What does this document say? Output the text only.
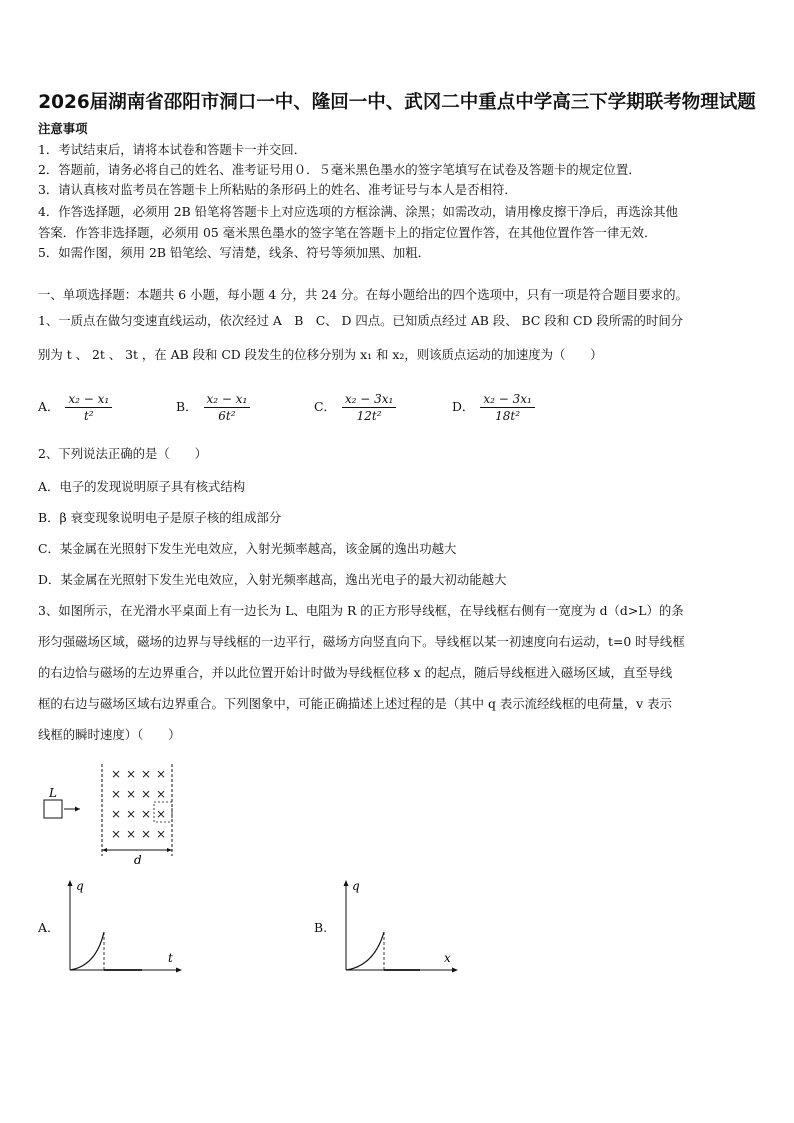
2026届湖南省邵阳市洞口一中、隆回一中、武冈二中重点中学高三下学期联考物理试题
注意事项
1．考试结束后，请将本试卷和答题卡一并交回．
2．答题前，请务必将自己的姓名、准考证号用０．５毫米黑色墨水的签字笔填写在试卷及答题卡的规定位置．
3．请认真核对监考员在答题卡上所粘贴的条形码上的姓名、准考证号与本人是否相符．
4．作答选择题，必须用 2B 铅笔将答题卡上对应选项的方框涂满、涂黑；如需改动，请用橡皮擦干净后，再选涂其他
答案．作答非选择题，必须用 05 毫米黑色墨水的签字笔在答题卡上的指定位置作答，在其他位置作答一律无效．
5．如需作图，须用 2B 铅笔绘、写清楚，线条、符号等须加黑、加粗．
一、单项选择题：本题共 6 小题，每小题 4 分，共 24 分。在每小题给出的四个选项中，只有一项是符合题目要求的。
1、一质点在做匀变速直线运动，依次经过 A　B　C、 D 四点。已知质点经过 AB 段、 BC 段和 CD 段所需的时间分
别为 t 、 2t 、 3t ，在 AB 段和 CD 段发生的位移分别为 x₁ 和 x₂，则该质点运动的加速度为（　　）
A． $\frac{\text{x₂ − x₁}}{\text{t²}}$	B． $\frac{\text{x₂ − x₁}}{\text{6t²}}$	C． $\frac{\text{x₂ − 3x₁}}{\text{12t²}}$	D． $\frac{\text{x₂ − 3x₁}}{\text{18t²}}$
2、下列说法正确的是（　　）
A．电子的发现说明原子具有核式结构
B．β 衰变现象说明电子是原子核的组成部分
C．某金属在光照射下发生光电效应，入射光频率越高，该金属的逸出功越大
D．某金属在光照射下发生光电效应，入射光频率越高，逸出光电子的最大初动能越大
3、如图所示，在光滑水平桌面上有一边长为 L、电阻为 R 的正方形导线框，在导线框右侧有一宽度为 d（d>L）的条
形匀强磁场区域，磁场的边界与导线框的一边平行，磁场方向竖直向下。导线框以某一初速度向右运动，t=0 时导线框
的右边恰与磁场的左边界重合，并以此位置开始计时做为导线框位移 x 的起点，随后导线框进入磁场区域，直至导线
框的右边与磁场区域右边界重合。下列图象中，可能正确描述上述过程的是（其中 q 表示流经线框的电荷量，v 表示
线框的瞬时速度）（　　）
L
× × × ×
× × × ×
× × × ×
× × × ×
d
A.
q
t
B.
q
x
